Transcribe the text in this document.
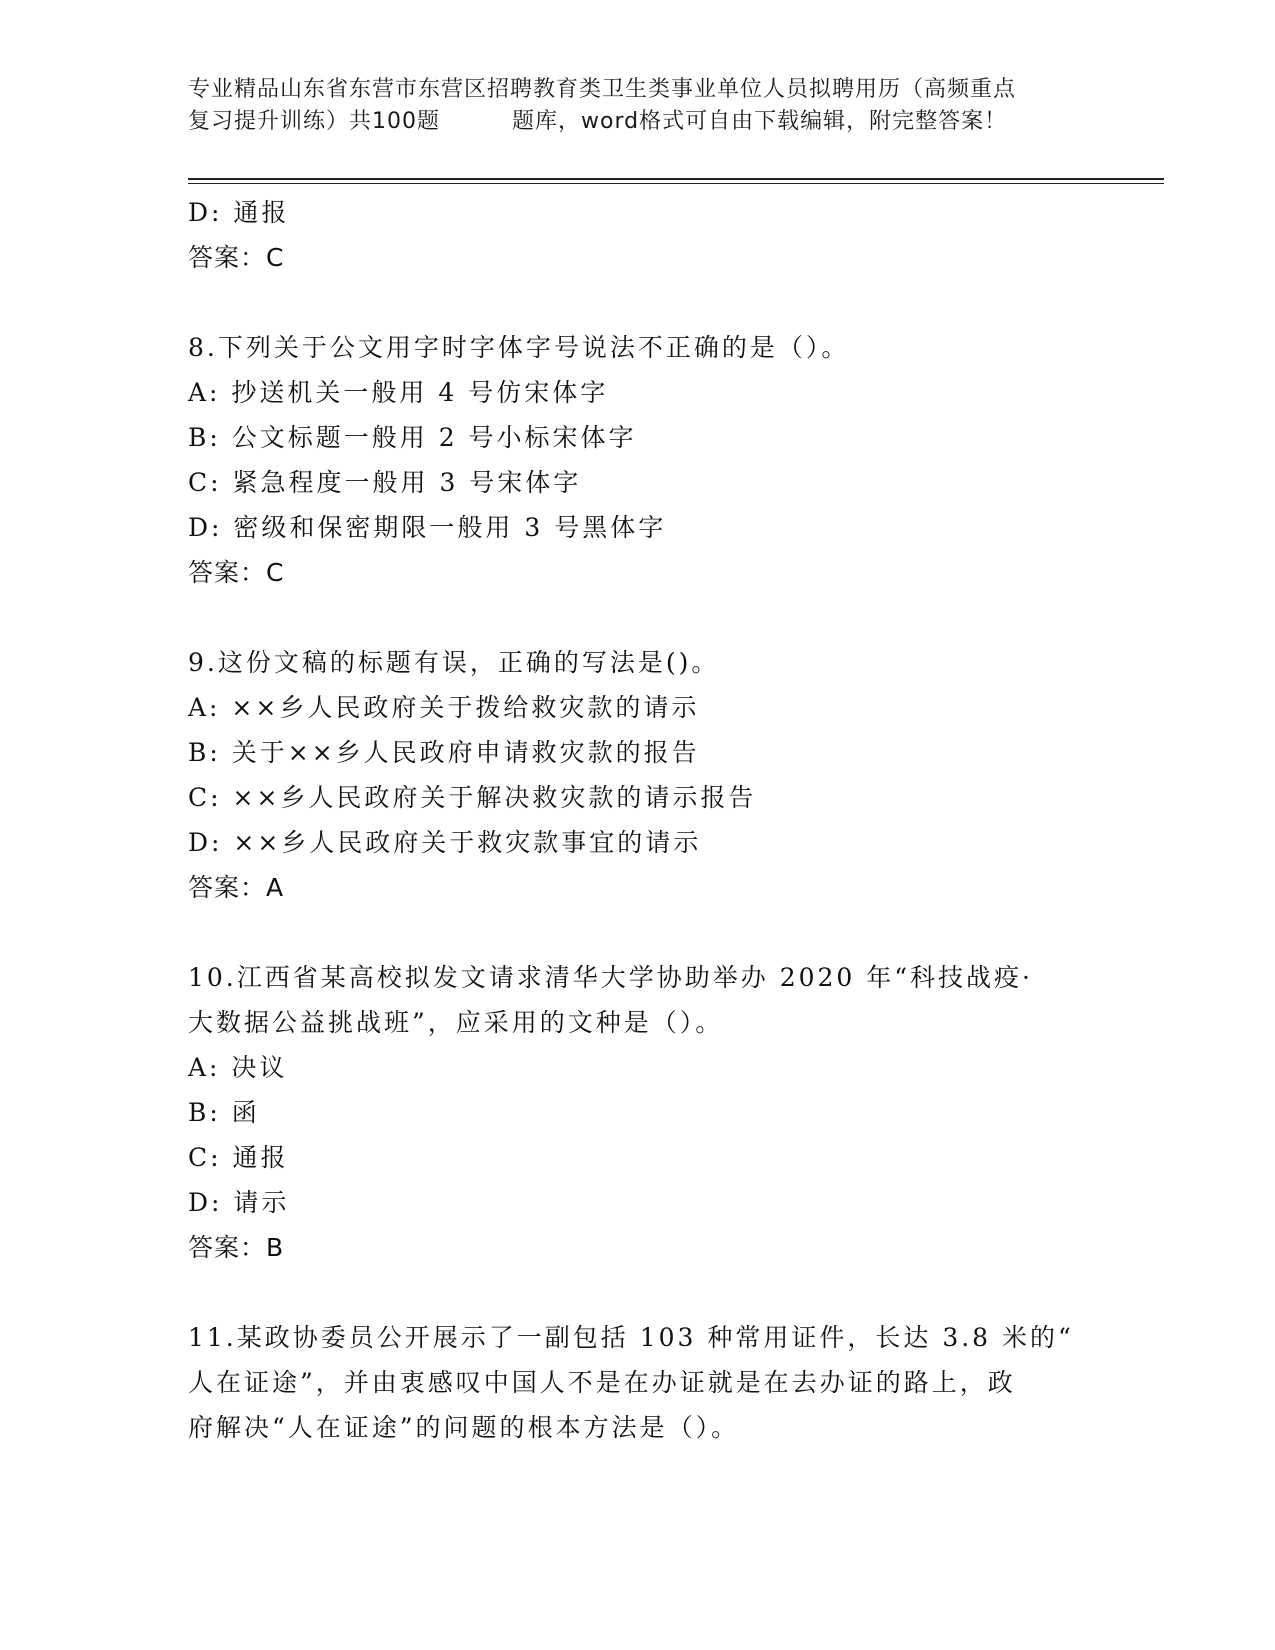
专业精品山东省东营市东营区招聘教育类卫生类事业单位人员拟聘用历（高频重点
复习提升训练）共100题	题库，word格式可自由下载编辑，附完整答案！
D: 通报
答案：C
8.下列关于公文用字时字体字号说法不正确的是（）。
A: 抄送机关一般用 4 号仿宋体字
B: 公文标题一般用 2 号小标宋体字
C: 紧急程度一般用 3 号宋体字
D: 密级和保密期限一般用 3 号黑体字
答案：C
9.这份文稿的标题有误，正确的写法是()。
A: ××乡人民政府关于拨给救灾款的请示
B: 关于××乡人民政府申请救灾款的报告
C: ××乡人民政府关于解决救灾款的请示报告
D: ××乡人民政府关于救灾款事宜的请示
答案：A
10.江西省某高校拟发文请求清华大学协助举办 2020 年“科技战疫·
大数据公益挑战班”，应采用的文种是（）。
A: 决议
B: 函
C: 通报
D: 请示
答案：B
11.某政协委员公开展示了一副包括 103 种常用证件，长达 3.8 米的“
人在证途”，并由衷感叹中国人不是在办证就是在去办证的路上，政
府解决“人在证途”的问题的根本方法是（）。
